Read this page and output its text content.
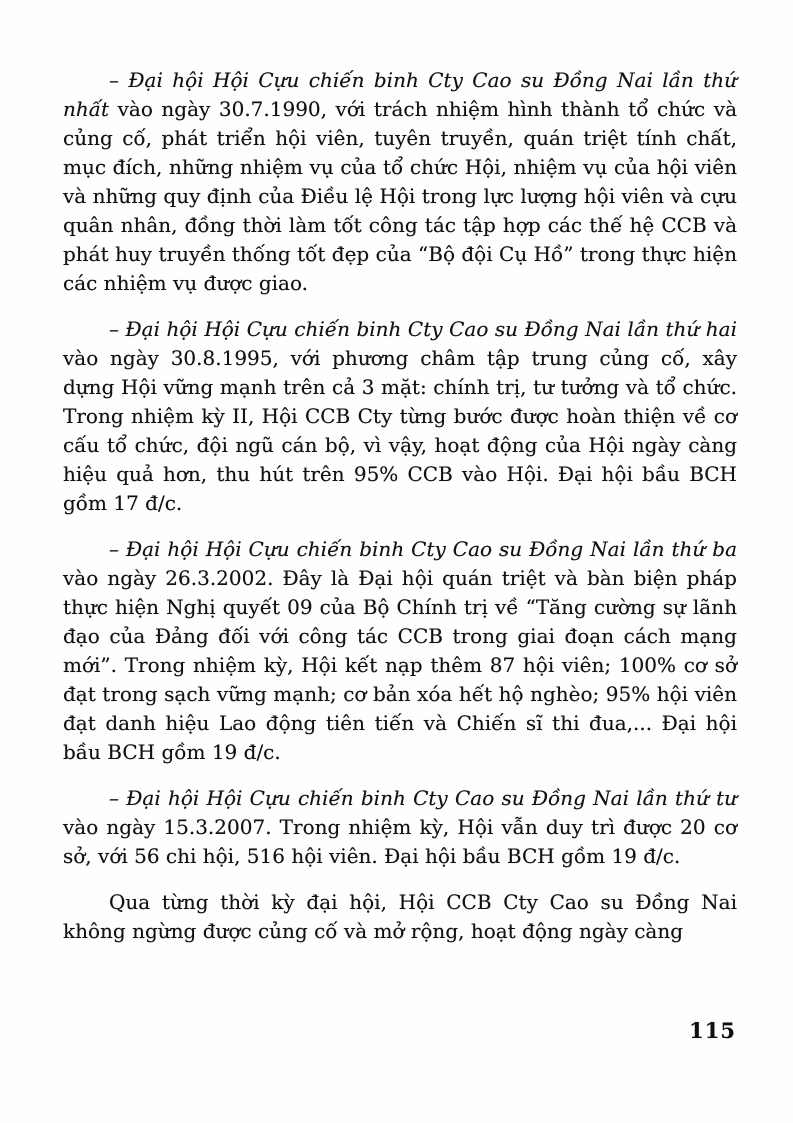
– Đại hội Hội Cựu chiến binh Cty Cao su Đồng Nai lần thứ nhất vào ngày 30.7.1990, với trách nhiệm hình thành tổ chức và củng cố, phát triển hội viên, tuyên truyền, quán triệt tính chất, mục đích, những nhiệm vụ của tổ chức Hội, nhiệm vụ của hội viên và những quy định của Điều lệ Hội trong lực lượng hội viên và cựu quân nhân, đồng thời làm tốt công tác tập hợp các thế hệ CCB và phát huy truyền thống tốt đẹp của “Bộ đội Cụ Hồ” trong thực hiện các nhiệm vụ được giao.

– Đại hội Hội Cựu chiến binh Cty Cao su Đồng Nai lần thứ hai vào ngày 30.8.1995, với phương châm tập trung củng cố, xây dựng Hội vững mạnh trên cả 3 mặt: chính trị, tư tưởng và tổ chức. Trong nhiệm kỳ II, Hội CCB Cty từng bước được hoàn thiện về cơ cấu tổ chức, đội ngũ cán bộ, vì vậy, hoạt động của Hội ngày càng hiệu quả hơn, thu hút trên 95% CCB vào Hội. Đại hội bầu BCH gồm 17 đ/c.

– Đại hội Hội Cựu chiến binh Cty Cao su Đồng Nai lần thứ ba vào ngày 26.3.2002. Đây là Đại hội quán triệt và bàn biện pháp thực hiện Nghị quyết 09 của Bộ Chính trị về “Tăng cường sự lãnh đạo của Đảng đối với công tác CCB trong giai đoạn cách mạng mới”. Trong nhiệm kỳ, Hội kết nạp thêm 87 hội viên; 100% cơ sở đạt trong sạch vững mạnh; cơ bản xóa hết hộ nghèo; 95% hội viên đạt danh hiệu Lao động tiên tiến và Chiến sĩ thi đua,... Đại hội bầu BCH gồm 19 đ/c.

– Đại hội Hội Cựu chiến binh Cty Cao su Đồng Nai lần thứ tư vào ngày 15.3.2007. Trong nhiệm kỳ, Hội vẫn duy trì được 20 cơ sở, với 56 chi hội, 516 hội viên. Đại hội bầu BCH gồm 19 đ/c.

Qua từng thời kỳ đại hội, Hội CCB Cty Cao su Đồng Nai không ngừng được củng cố và mở rộng, hoạt động ngày càng

115
